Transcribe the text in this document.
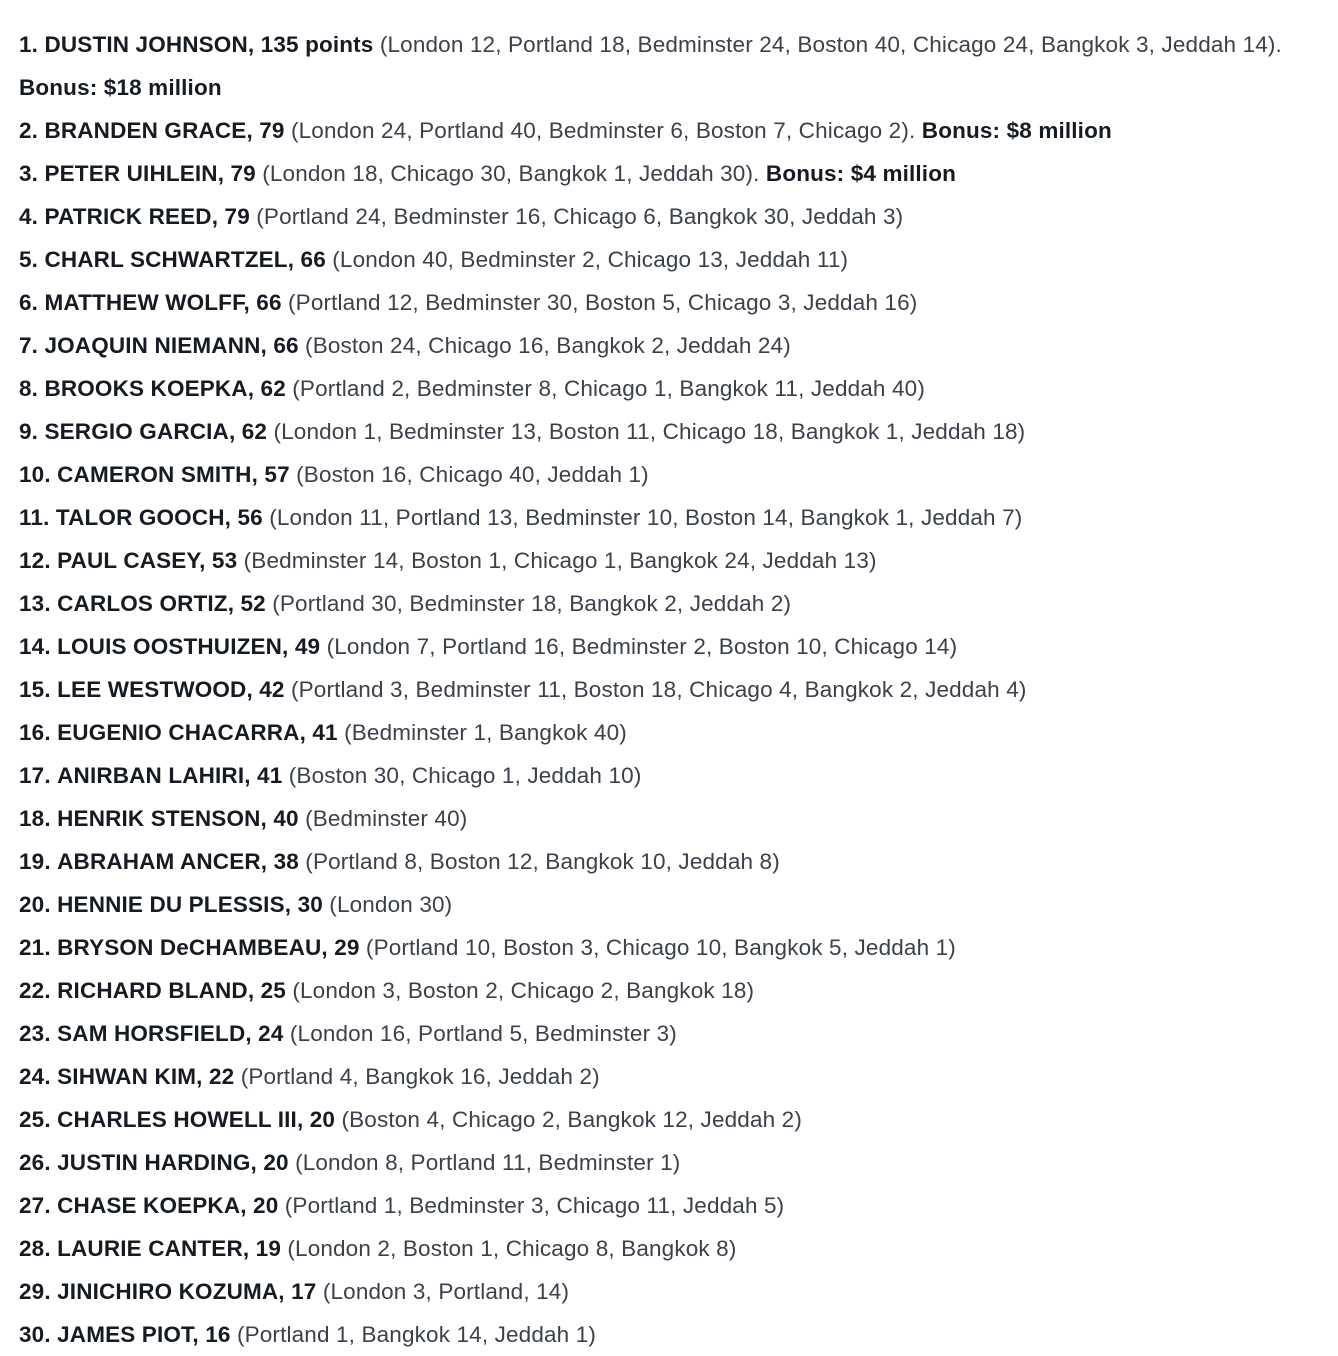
1. DUSTIN JOHNSON, 135 points (London 12, Portland 18, Bedminster 24, Boston 40, Chicago 24, Bangkok 3, Jeddah 14). Bonus: $18 million
2. BRANDEN GRACE, 79 (London 24, Portland 40, Bedminster 6, Boston 7, Chicago 2). Bonus: $8 million
3. PETER UIHLEIN, 79 (London 18, Chicago 30, Bangkok 1, Jeddah 30). Bonus: $4 million
4. PATRICK REED, 79 (Portland 24, Bedminster 16, Chicago 6, Bangkok 30, Jeddah 3)
5. CHARL SCHWARTZEL, 66 (London 40, Bedminster 2, Chicago 13, Jeddah 11)
6. MATTHEW WOLFF, 66 (Portland 12, Bedminster 30, Boston 5, Chicago 3, Jeddah 16)
7. JOAQUIN NIEMANN, 66 (Boston 24, Chicago 16, Bangkok 2, Jeddah 24)
8. BROOKS KOEPKA, 62 (Portland 2, Bedminster 8, Chicago 1, Bangkok 11, Jeddah 40)
9. SERGIO GARCIA, 62 (London 1, Bedminster 13, Boston 11, Chicago 18, Bangkok 1, Jeddah 18)
10. CAMERON SMITH, 57 (Boston 16, Chicago 40, Jeddah 1)
11. TALOR GOOCH, 56 (London 11, Portland 13, Bedminster 10, Boston 14, Bangkok 1, Jeddah 7)
12. PAUL CASEY, 53 (Bedminster 14, Boston 1, Chicago 1, Bangkok 24, Jeddah 13)
13. CARLOS ORTIZ, 52 (Portland 30, Bedminster 18, Bangkok 2, Jeddah 2)
14. LOUIS OOSTHUIZEN, 49 (London 7, Portland 16, Bedminster 2, Boston 10, Chicago 14)
15. LEE WESTWOOD, 42 (Portland 3, Bedminster 11, Boston 18, Chicago 4, Bangkok 2, Jeddah 4)
16. EUGENIO CHACARRA, 41 (Bedminster 1, Bangkok 40)
17. ANIRBAN LAHIRI, 41 (Boston 30, Chicago 1, Jeddah 10)
18. HENRIK STENSON, 40 (Bedminster 40)
19. ABRAHAM ANCER, 38 (Portland 8, Boston 12, Bangkok 10, Jeddah 8)
20. HENNIE DU PLESSIS, 30 (London 30)
21. BRYSON DeCHAMBEAU, 29 (Portland 10, Boston 3, Chicago 10, Bangkok 5, Jeddah 1)
22. RICHARD BLAND, 25 (London 3, Boston 2, Chicago 2, Bangkok 18)
23. SAM HORSFIELD, 24 (London 16, Portland 5, Bedminster 3)
24. SIHWAN KIM, 22 (Portland 4, Bangkok 16, Jeddah 2)
25. CHARLES HOWELL III, 20 (Boston 4, Chicago 2, Bangkok 12, Jeddah 2)
26. JUSTIN HARDING, 20 (London 8, Portland 11, Bedminster 1)
27. CHASE KOEPKA, 20 (Portland 1, Bedminster 3, Chicago 11, Jeddah 5)
28. LAURIE CANTER, 19 (London 2, Boston 1, Chicago 8, Bangkok 8)
29. JINICHIRO KOZUMA, 17 (London 3, Portland, 14)
30. JAMES PIOT, 16 (Portland 1, Bangkok 14, Jeddah 1)
